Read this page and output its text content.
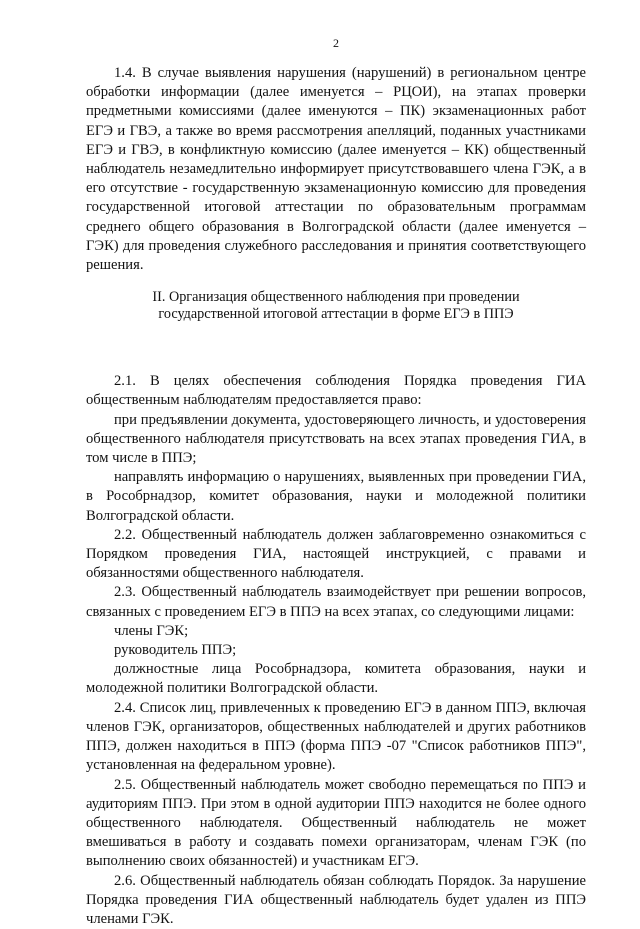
2

1.4. В случае выявления нарушения (нарушений) в региональном центре обработки информации (далее именуется – РЦОИ), на этапах проверки предметными комиссиями (далее именуются – ПК) экзаменационных работ ЕГЭ и ГВЭ, а также во время рассмотрения апелляций, поданных участниками ЕГЭ и ГВЭ, в конфликтную комиссию (далее именуется – КК) общественный наблюдатель незамедлительно информирует присутствовавшего члена ГЭК, а в его отсутствие - государственную экзаменационную комиссию для проведения государственной итоговой аттестации по образовательным программам среднего общего образования в Волгоградской области (далее именуется – ГЭК) для проведения служебного расследования и принятия соответствующего решения.

II. Организация общественного наблюдения при проведении
государственной итоговой аттестации в форме ЕГЭ в ППЭ

2.1. В целях обеспечения соблюдения Порядка проведения ГИА общественным наблюдателям предоставляется право:

при предъявлении документа, удостоверяющего личность, и удостоверения общественного наблюдателя присутствовать на всех этапах проведения ГИА, в том числе в ППЭ;

направлять информацию о нарушениях, выявленных при проведении ГИА, в Рособрнадзор, комитет образования, науки и молодежной политики Волгоградской области.

2.2. Общественный наблюдатель должен заблаговременно ознакомиться с Порядком проведения ГИА, настоящей инструкцией, с правами и обязанностями общественного наблюдателя.

2.3. Общественный наблюдатель взаимодействует при решении вопросов, связанных с проведением ЕГЭ в ППЭ на всех этапах, со следующими лицами:

члены ГЭК;

руководитель ППЭ;

должностные лица Рособрнадзора, комитета образования, науки и молодежной политики Волгоградской области.

2.4. Список лиц, привлеченных к проведению ЕГЭ в данном ППЭ, включая членов ГЭК, организаторов, общественных наблюдателей и других работников ППЭ, должен находиться в ППЭ (форма ППЭ -07 "Список работников ППЭ", установленная на федеральном уровне).

2.5. Общественный наблюдатель может свободно перемещаться по ППЭ и аудиториям ППЭ. При этом в одной аудитории ППЭ находится не более одного общественного наблюдателя. Общественный наблюдатель не может вмешиваться в работу и создавать помехи организаторам, членам ГЭК (по выполнению своих обязанностей) и участникам ЕГЭ.

2.6. Общественный наблюдатель обязан соблюдать Порядок. За нарушение Порядка проведения ГИА общественный наблюдатель будет удален из ППЭ членами ГЭК.
